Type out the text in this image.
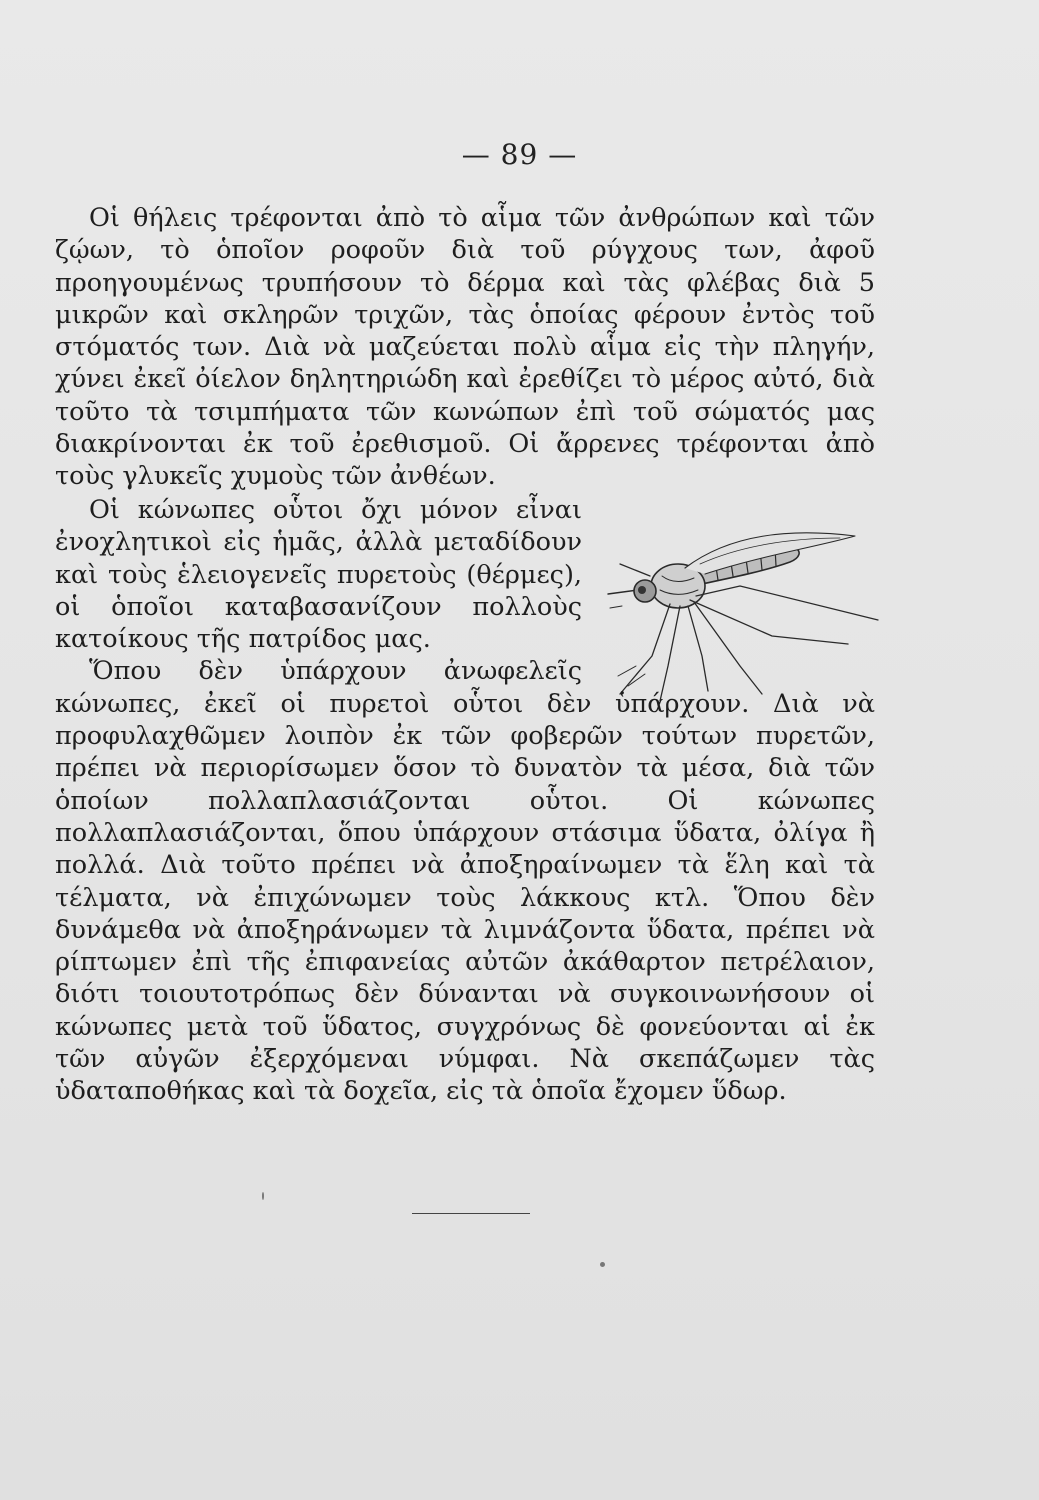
— 89 —

Οἱ θήλεις τρέφονται ἀπὸ τὸ αἷμα τῶν ἀνθρώπων καὶ τῶν ζῴων, τὸ ὁποῖον ροφοῦν διὰ τοῦ ρύγχους των, ἀφοῦ προηγουμένως τρυπήσουν τὸ δέρμα καὶ τὰς φλέβας διὰ 5 μικρῶν καὶ σκληρῶν τριχῶν, τὰς ὁποίας φέρουν ἐντὸς τοῦ στόματός των. Διὰ νὰ μαζεύεται πολὺ αἷμα εἰς τὴν πληγήν, χύνει ἐκεῖ ὀίελον δηλητηριώδη καὶ ἐρεθίζει τὸ μέρος αὐτό, διὰ τοῦτο τὰ τσιμπήματα τῶν κωνώπων ἐπὶ τοῦ σώματός μας διακρίνονται ἐκ τοῦ ἐρεθισμοῦ. Οἱ ἄρρενες τρέφονται ἀπὸ τοὺς γλυκεῖς χυμοὺς τῶν ἀνθέων.

Οἱ κώνωπες οὗτοι ὄχι μόνον εἶναι ἐνοχλητικοὶ εἰς ἡμᾶς, ἀλλὰ μεταδίδουν καὶ τοὺς ἑλειογενεῖς πυρετοὺς (θέρμες), οἱ ὁποῖοι καταβασανίζουν πολλοὺς κατοίκους τῆς πατρίδος μας.

Ὅπου δὲν ὑπάρχουν ἀνωφελεῖς κώνωπες, ἐκεῖ οἱ πυρετοὶ οὗτοι δὲν ὑπάρχουν. Διὰ νὰ προφυλαχθῶμεν λοιπὸν ἐκ τῶν φοβερῶν τούτων πυρετῶν, πρέπει νὰ περιορίσωμεν ὅσον τὸ δυνατὸν τὰ μέσα, διὰ τῶν ὁποίων πολλαπλασιάζονται οὗτοι. Οἱ κώνωπες πολλαπλασιάζονται, ὅπου ὑπάρχουν στάσιμα ὕδατα, ὀλίγα ἢ πολλά. Διὰ τοῦτο πρέπει νὰ ἀποξηραίνωμεν τὰ ἕλη καὶ τὰ τέλματα, νὰ ἐπιχώνωμεν τοὺς λάκκους κτλ. Ὅπου δὲν δυνάμεθα νὰ ἀποξηράνωμεν τὰ λιμνάζοντα ὕδατα, πρέπει νὰ ρίπτωμεν ἐπὶ τῆς ἐπιφανείας αὐτῶν ἀκάθαρτον πετρέλαιον, διότι τοιουτοτρόπως δὲν δύνανται νὰ συγκοινωνήσουν οἱ κώνωπες μετὰ τοῦ ὕδατος, συγχρόνως δὲ φονεύονται αἱ ἐκ τῶν αὐγῶν ἐξερχόμεναι νύμφαι. Νὰ σκεπάζωμεν τὰς ὑδαταποθήκας καὶ τὰ δοχεῖα, εἰς τὰ ὁποῖα ἔχομεν ὕδωρ.
